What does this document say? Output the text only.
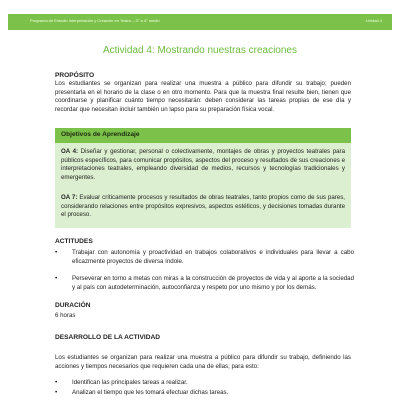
Programa de Estudio Interpretación y Creación en Teatro – 3° a 4° medio	Unidad 4
Actividad 4: Mostrando nuestras creaciones
PROPÓSITO
Los estudiantes se organizan para realizar una muestra a público para difundir su trabajo; pueden presentarla en el horario de la clase o en otro momento. Para que la muestra final resulte bien, tienen que coordinarse y planificar cuánto tiempo necesitarán: deben considerar las tareas propias de ese día y recordar que necesitan incluir también un lapso para su preparación física vocal.
Objetivos de Aprendizaje
OA 4: Diseñar y gestionar, personal o colectivamente, montajes de obras y proyectos teatrales para públicos específicos, para comunicar propósitos, aspectos del proceso y resultados de sus creaciones e interpretaciones teatrales, empleando diversidad de medios, recursos y tecnologías tradicionales y emergentes.
OA 7: Evaluar críticamente procesos y resultados de obras teatrales, tanto propios como de sus pares, considerando relaciones entre propósitos expresivos, aspectos estéticos, y decisiones tomadas durante el proceso.
ACTITUDES
• Trabajar con autonomía y proactividad en trabajos colaborativos e individuales para llevar a cabo eficazmente proyectos de diversa índole.
• Perseverar en torno a metas con miras a la construcción de proyectos de vida y al aporte a la sociedad y al país con autodeterminación, autoconfianza y respeto por uno mismo y por los demás.
DURACIÓN
6 horas
DESARROLLO DE LA ACTIVIDAD
Los estudiantes se organizan para realizar una muestra a público para difundir su trabajo, definiendo las acciones y tiempos necesarios que requieren cada una de ellas; para esto:
• Identifican las principales tareas a realizar.
• Analizan el tiempo que les tomará efectuar dichas tareas.
